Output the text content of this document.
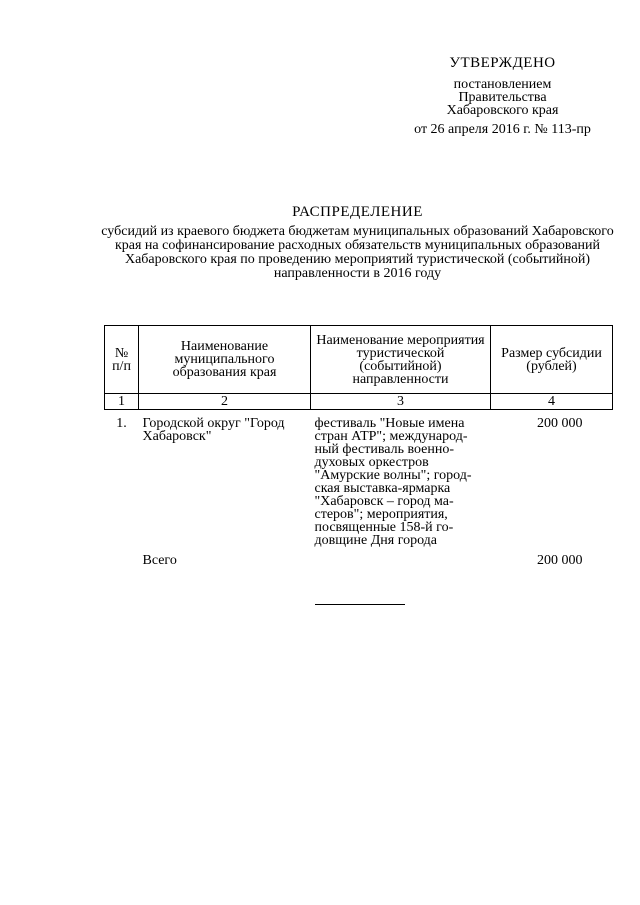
УТВЕРЖДЕНО
постановлением
Правительства
Хабаровского края
от 26 апреля 2016 г. № 113-пр
РАСПРЕДЕЛЕНИЕ
субсидий из краевого бюджета бюджетам муниципальных образований Хабаровского края на софинансирование расходных обязательств муниципальных образований Хабаровского края по проведению мероприятий туристической (событийной) направленности в 2016 году
№ п/п	Наименование муниципального образования края	Наименование мероприятия туристической (событийной) направленности	Размер субсидии (рублей)
1	2	3	4
1.	Городской округ "Город Хабаровск"	фестиваль "Новые имена стран АТР"; международ-ный фестиваль военно-духовых оркестров "Амурские волны"; город-ская выставка-ярмарка "Хабаровск – город ма-стеров"; мероприятия, посвященные 158-й го-довщине Дня города	200 000
	Всего		200 000
